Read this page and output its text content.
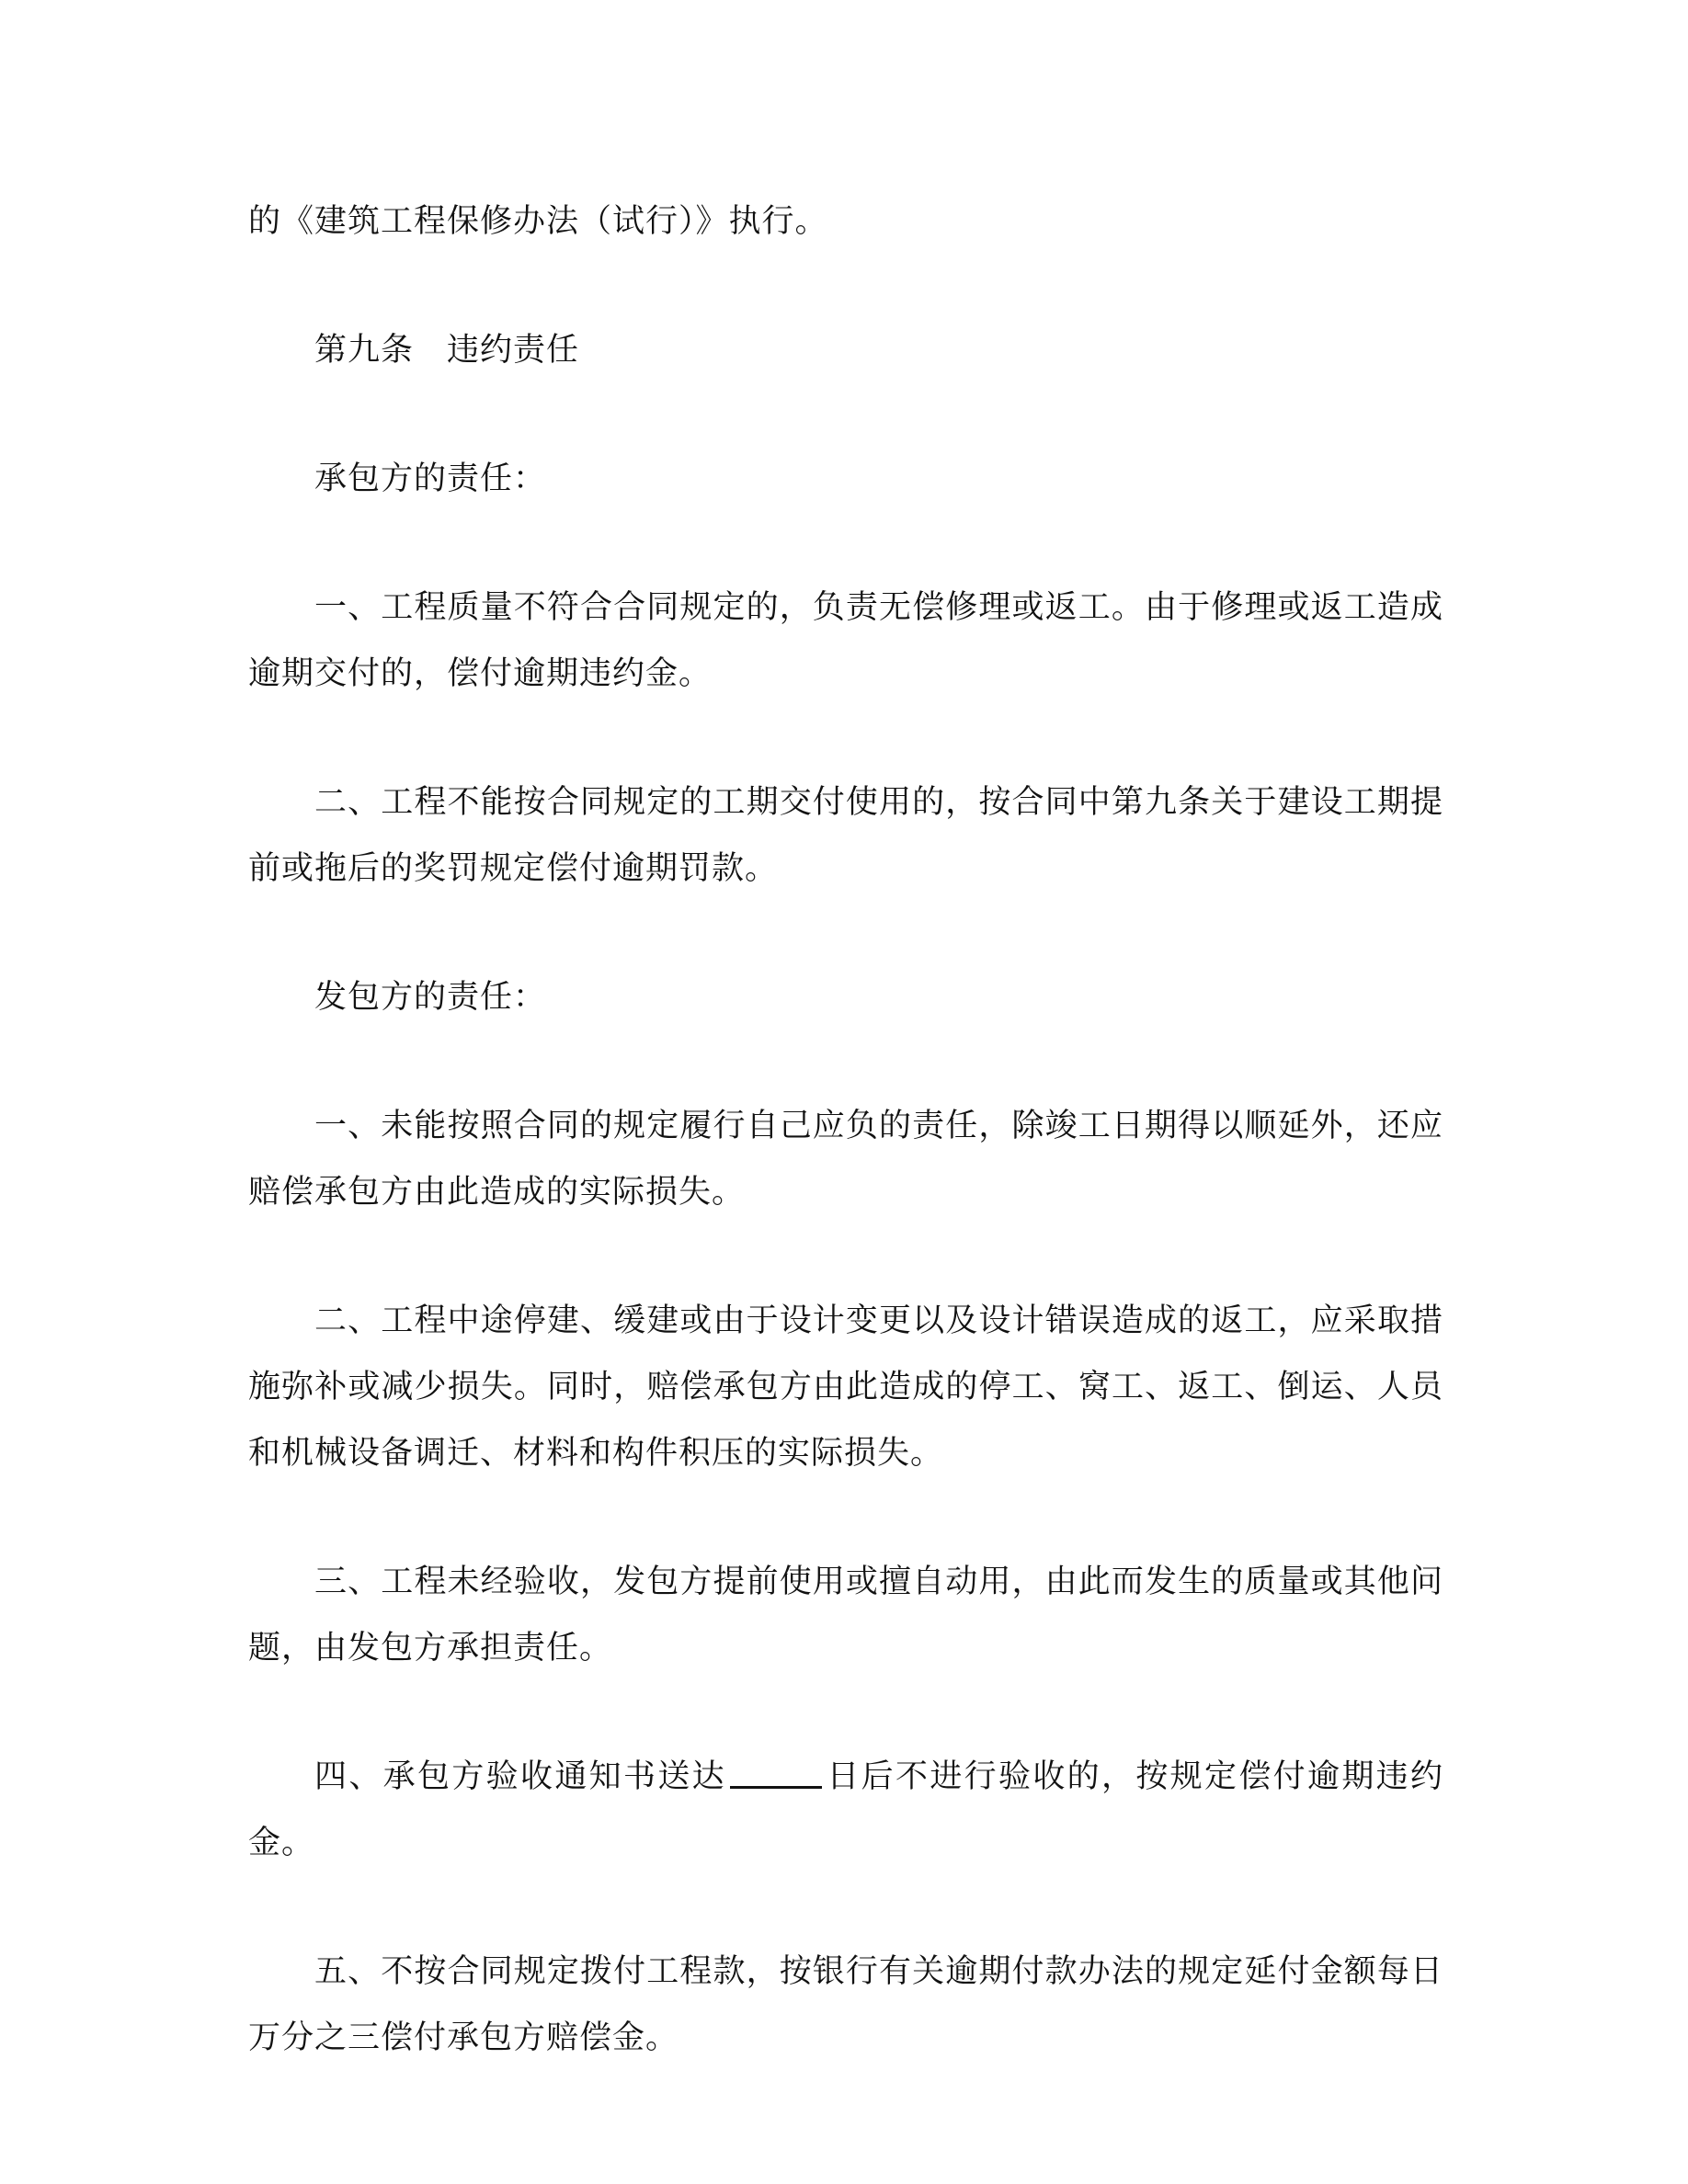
的《建筑工程保修办法（试行）》执行。

第九条　违约责任

承包方的责任：

一、工程质量不符合合同规定的，负责无偿修理或返工。由于修理或返工造成逾期交付的，偿付逾期违约金。

二、工程不能按合同规定的工期交付使用的，按合同中第九条关于建设工期提前或拖后的奖罚规定偿付逾期罚款。

发包方的责任：

一、未能按照合同的规定履行自己应负的责任，除竣工日期得以顺延外，还应赔偿承包方由此造成的实际损失。

二、工程中途停建、缓建或由于设计变更以及设计错误造成的返工，应采取措施弥补或减少损失。同时，赔偿承包方由此造成的停工、窝工、返工、倒运、人员和机械设备调迁、材料和构件积压的实际损失。

三、工程未经验收，发包方提前使用或擅自动用，由此而发生的质量或其他问题，由发包方承担责任。

四、承包方验收通知书送达	日后不进行验收的，按规定偿付逾期违约金。

五、不按合同规定拨付工程款，按银行有关逾期付款办法的规定延付金额每日万分之三偿付承包方赔偿金。
